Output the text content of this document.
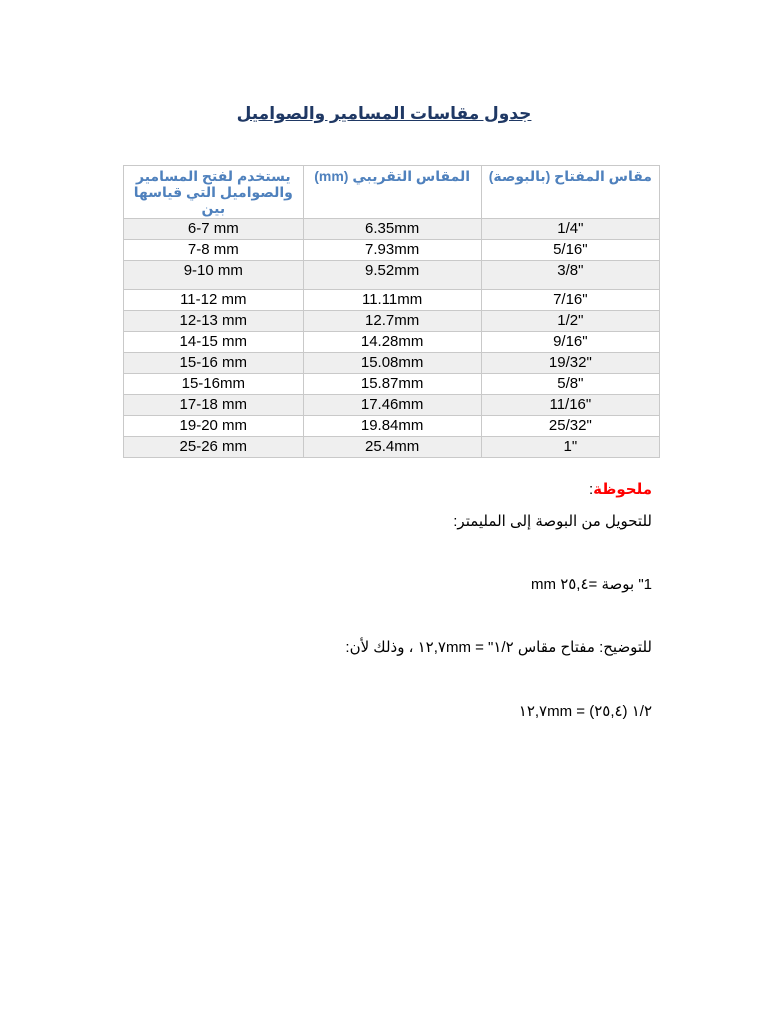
جدول مقاسات المسامير والصواميل
مقاس المفتاح (بالبوصة)	المقاس التقريبي (mm)	يستخدم لفتح المسامير والصواميل التي قياسها بين
1/4"	6.35mm	6-7 mm
5/16"	7.93mm	7-8 mm
3/8"	9.52mm	9-10 mm
7/16"	11.11mm	11-12 mm
1/2"	12.7mm	12-13 mm
9/16"	14.28mm	14-15 mm
19/32"	15.08mm	15-16 mm
5/8"	15.87mm	15-16mm
11/16"	17.46mm	17-18 mm
25/32"	19.84mm	19-20 mm
1"	25.4mm	25-26 mm
ملحوظة:
للتحويل من البوصة إلى المليمتر:
1" بوصة =٢٥,٤ mm
للتوضيح: مفتاح مقاس ١/٢" = ١٢,٧mm ، وذلك لأن:
١/٢ (٢٥,٤) = ١٢,٧mm
